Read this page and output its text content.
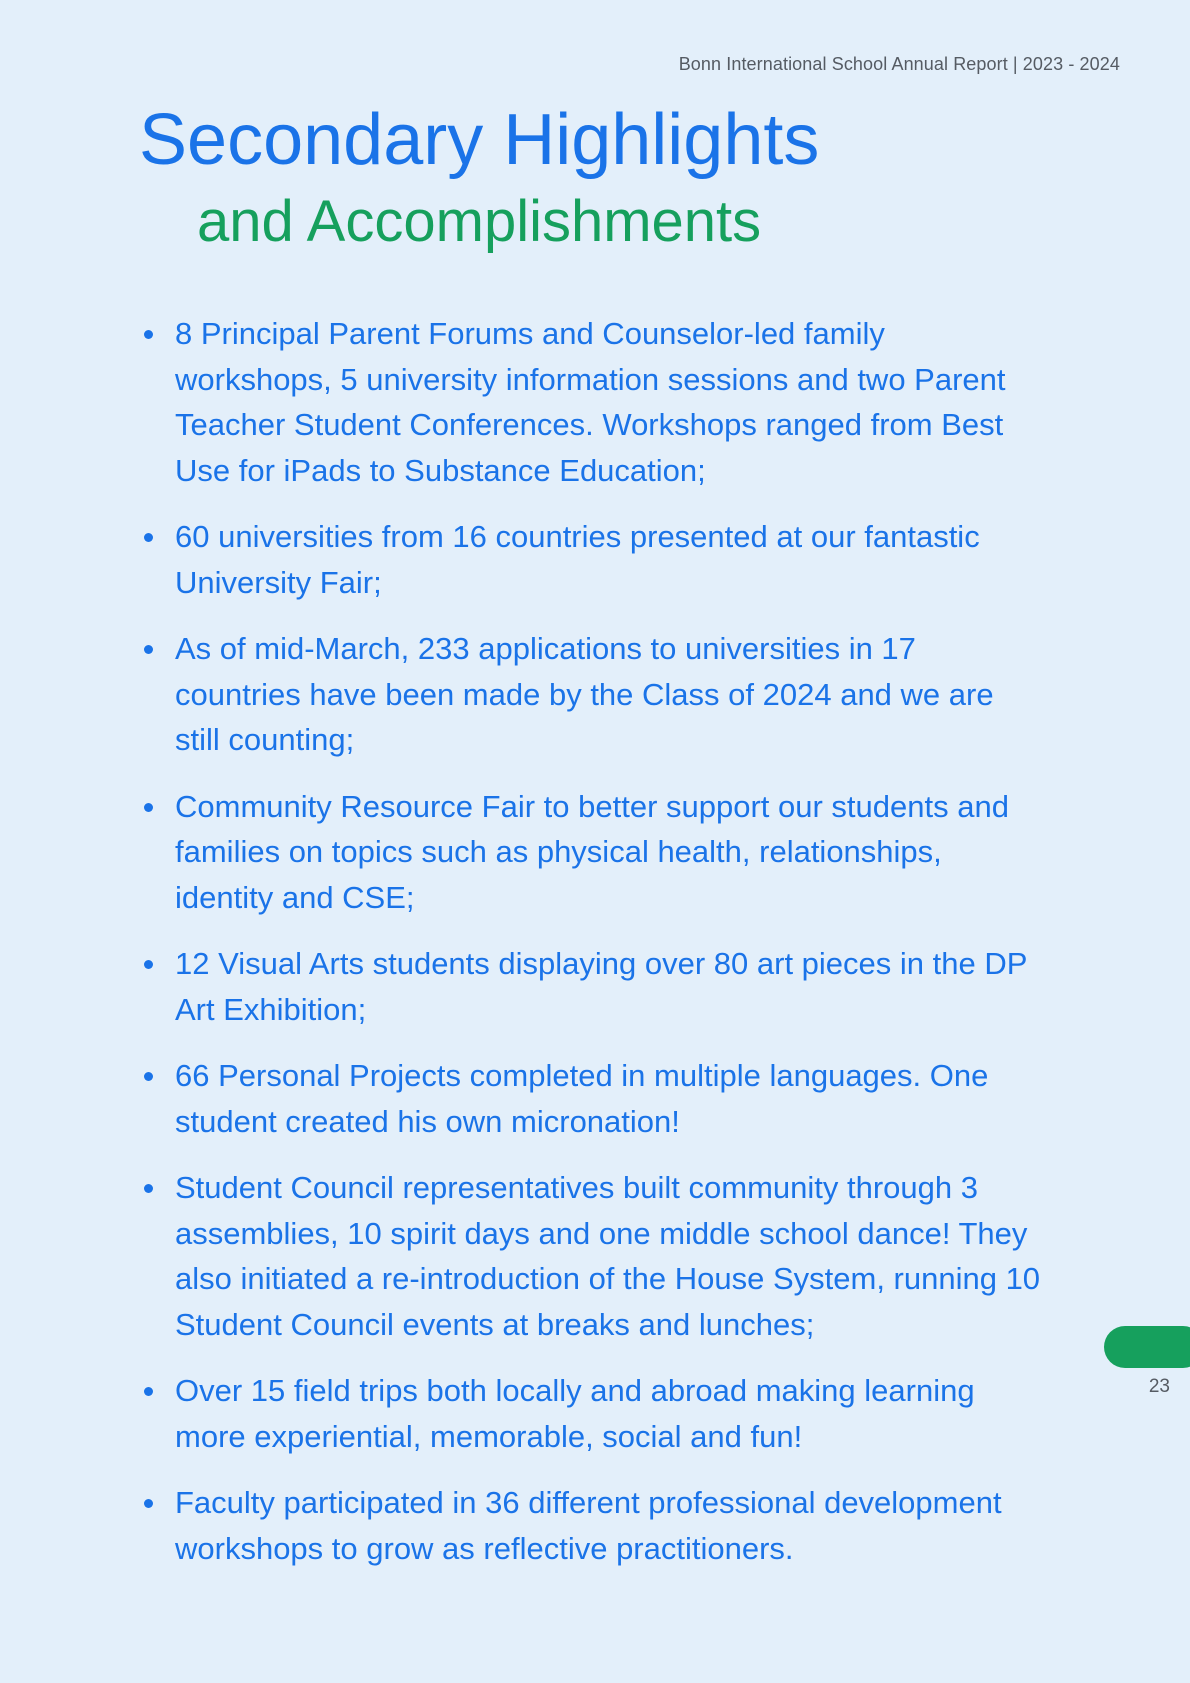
Bonn International School Annual Report | 2023 - 2024
Secondary Highlights
and Accomplishments
8 Principal Parent Forums and Counselor-led family workshops, 5 university information sessions and two Parent Teacher Student Conferences. Workshops ranged from Best Use for iPads to Substance Education;
60 universities from 16 countries presented at our fantastic University Fair;
As of mid-March, 233 applications to universities in 17 countries have been made by the Class of 2024 and we are still counting;
Community Resource Fair to better support our students and families on topics such as physical health, relationships, identity and CSE;
12 Visual Arts students displaying over 80 art pieces in the DP Art Exhibition;
66 Personal Projects completed in multiple languages. One student created his own micronation!
Student Council representatives built community through 3 assemblies, 10 spirit days and one middle school dance! They also initiated a re-introduction of the House System, running 10 Student Council events at breaks and lunches;
Over 15 field trips both locally and abroad making learning more experiential, memorable, social and fun!
Faculty participated in 36 different professional development workshops to grow as reflective practitioners.
23
